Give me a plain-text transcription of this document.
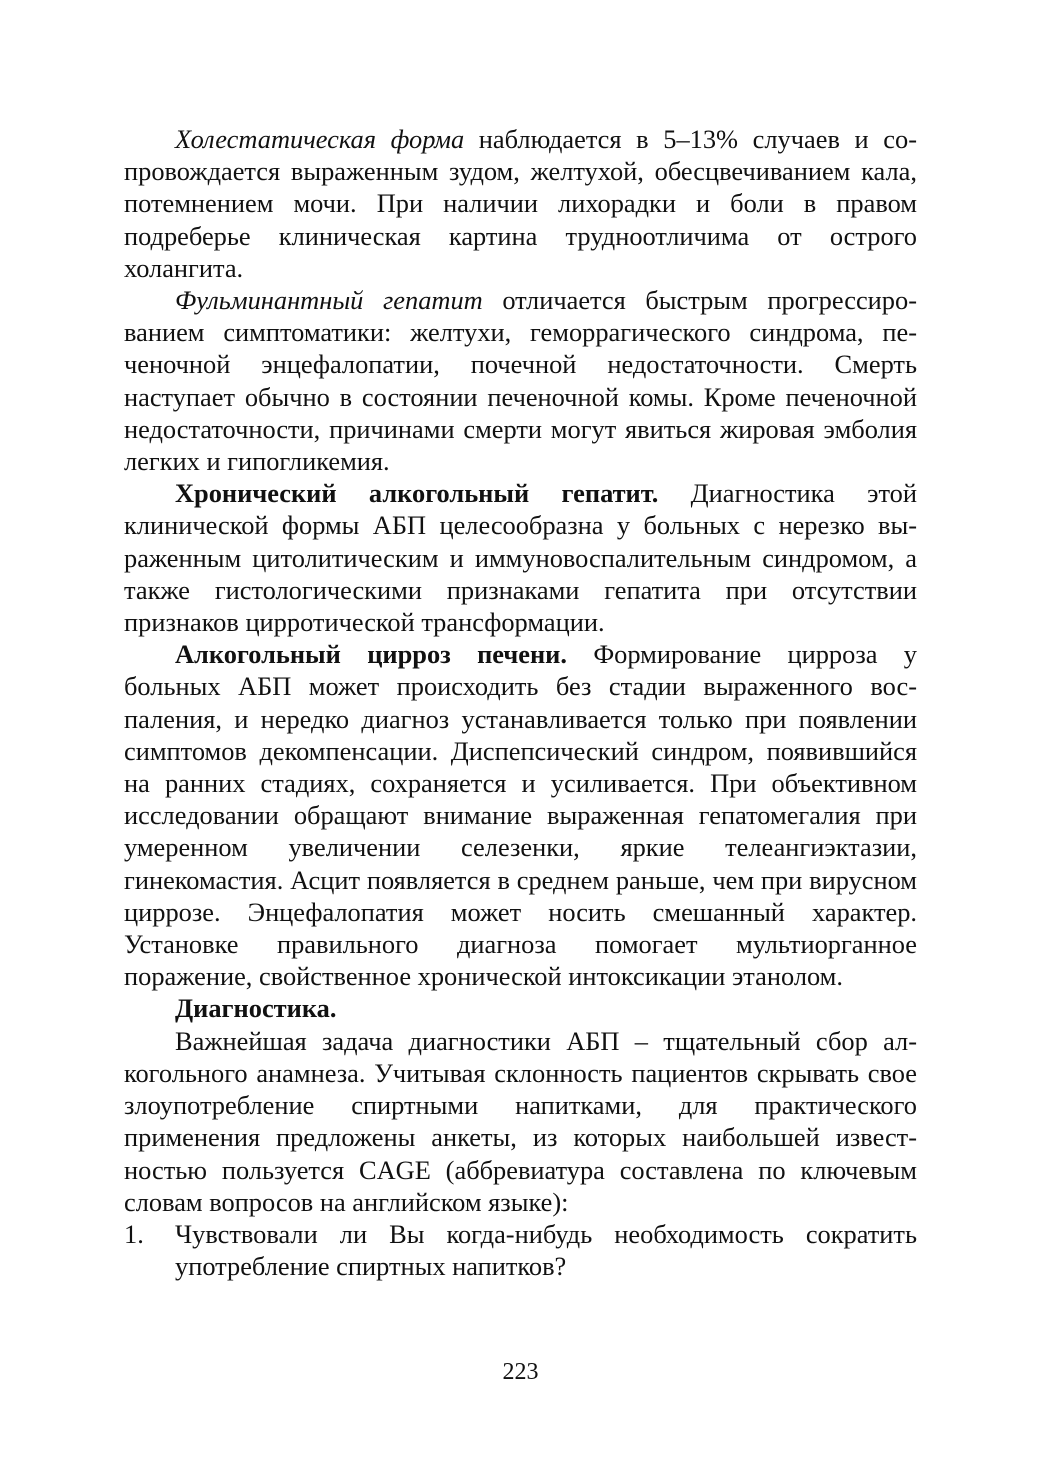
Холестатическая форма наблюдается в 5–13% случаев и сопровождается выраженным зудом, желтухой, обесцвечиванием кала, потемнением мочи. При наличии лихорадки и боли в правом подреберье клиническая картина трудноотличима от острого холангита.

Фульминантный гепатит отличается быстрым прогрессированием симптоматики: желтухи, геморрагического синдрома, печеночной энцефалопатии, почечной недостаточности. Смерть наступает обычно в состоянии печеночной комы. Кроме печеночной недостаточности, причинами смерти могут явиться жировая эмболия легких и гипогликемия.

Хронический алкогольный гепатит. Диагностика этой клинической формы АБП целесообразна у больных с нерезко выраженным цитолитическим и иммуновоспалительным синдромом, а также гистологическими признаками гепатита при отсутствии признаков цирротической трансформации.

Алкогольный цирроз печени. Формирование цирроза у больных АБП может происходить без стадии выраженного воспаления, и нередко диагноз устанавливается только при появлении симптомов декомпенсации. Диспепсический синдром, появившийся на ранних стадиях, сохраняется и усиливается. При объективном исследовании обращают внимание выраженная гепатомегалия при умеренном увеличении селезенки, яркие телеангиэктазии, гинекомастия. Асцит появляется в среднем раньше, чем при вирусном циррозе. Энцефалопатия может носить смешанный характер. Установке правильного диагноза помогает мультиорганное поражение, свойственное хронической интоксикации этанолом.

Диагностика.

Важнейшая задача диагностики АБП – тщательный сбор алкогольного анамнеза. Учитывая склонность пациентов скрывать свое злоупотребление спиртными напитками, для практического применения предложены анкеты, из которых наибольшей известностью пользуется CAGE (аббревиатура составлена по ключевым словам вопросов на английском языке):

1. Чувствовали ли Вы когда-нибудь необходимость сократить употребление спиртных напитков?
223
